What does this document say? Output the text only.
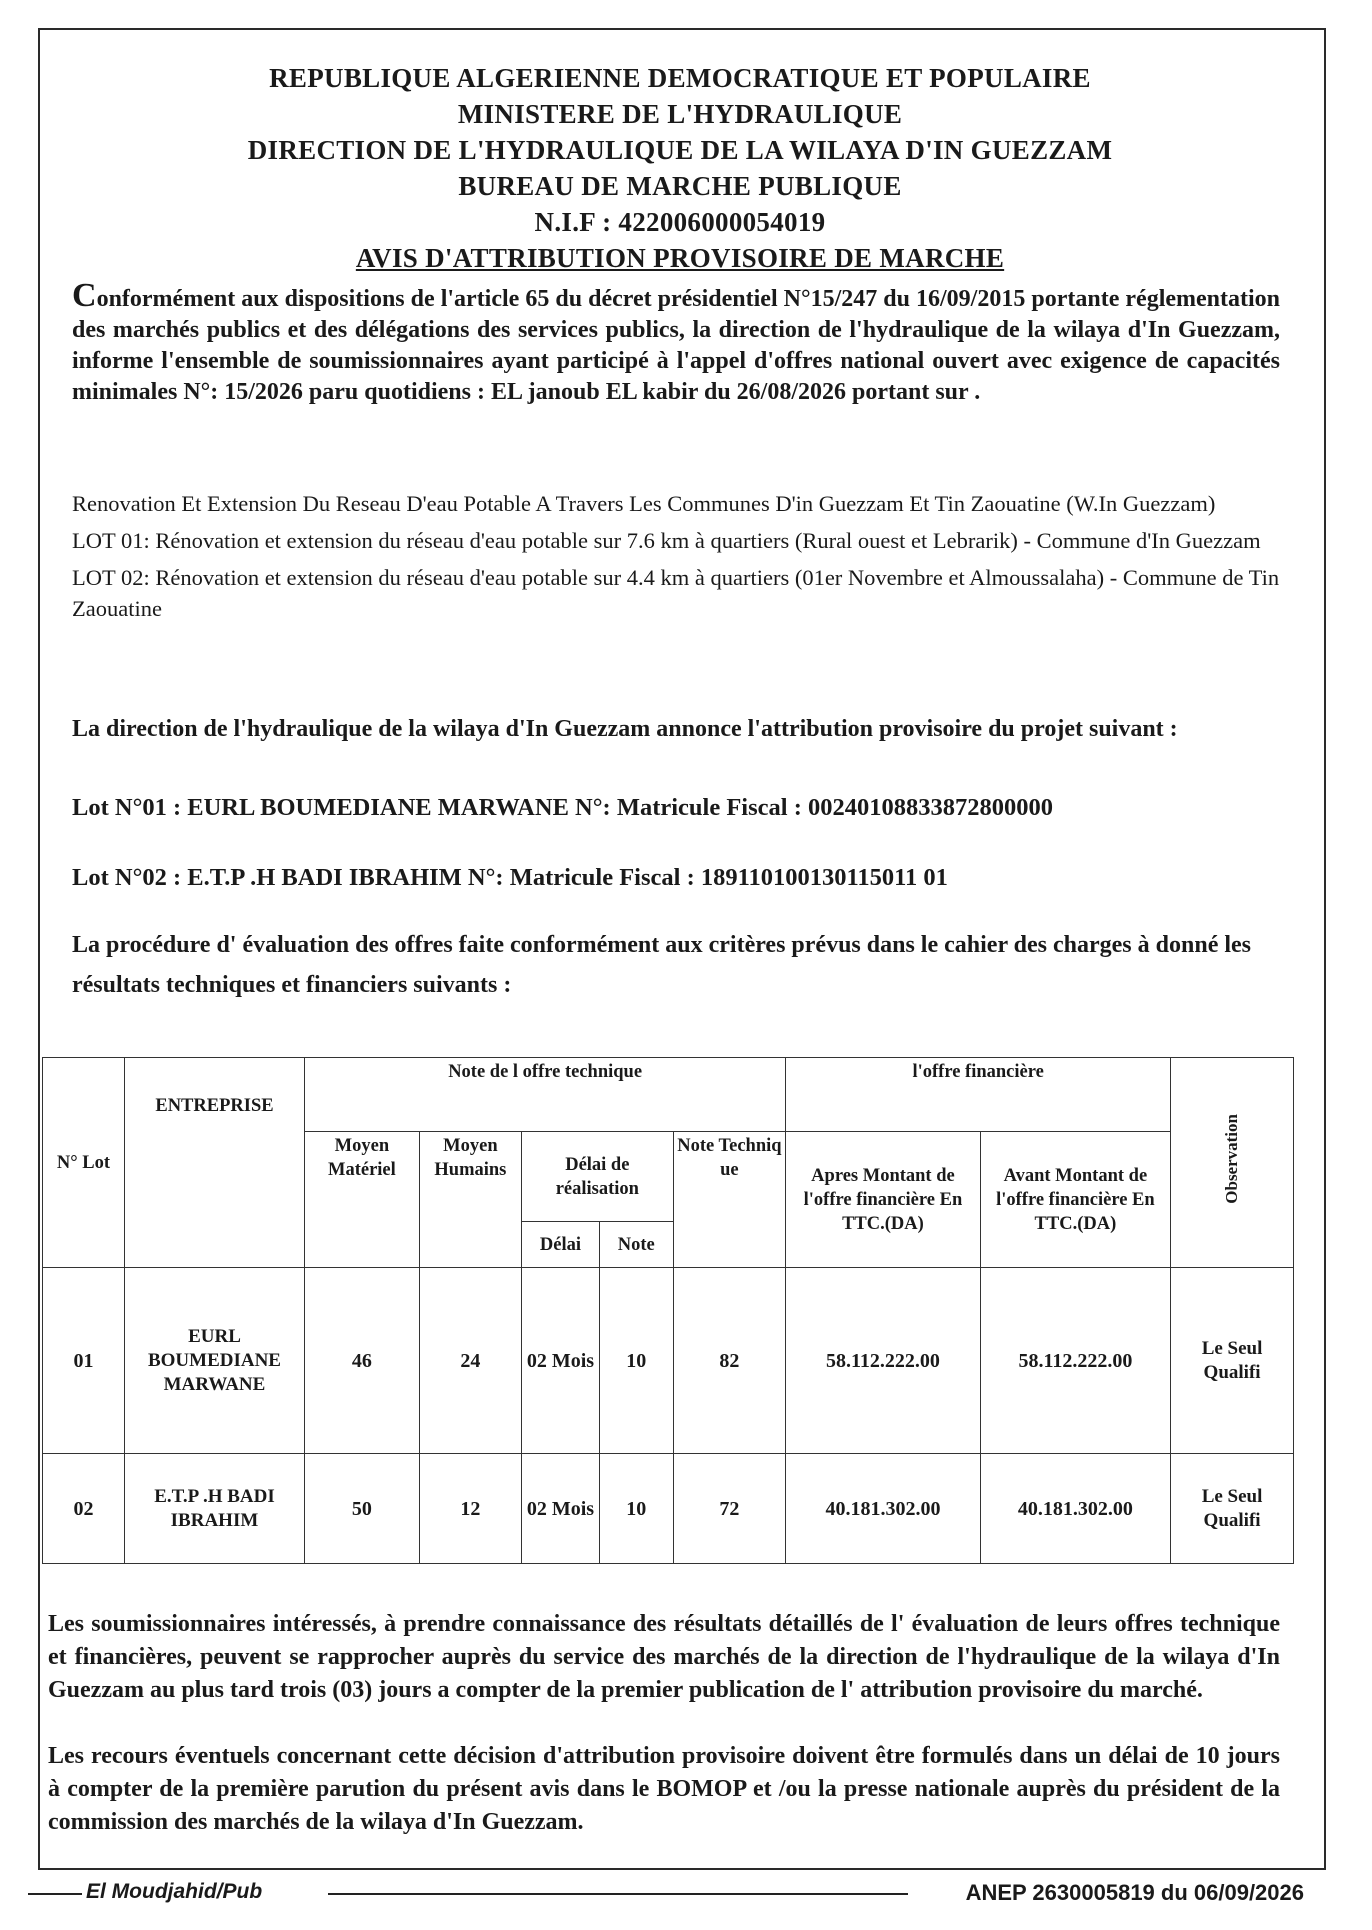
REPUBLIQUE ALGERIENNE DEMOCRATIQUE ET POPULAIRE
MINISTERE DE L'HYDRAULIQUE
DIRECTION DE L'HYDRAULIQUE DE LA WILAYA D'IN GUEZZAM
BUREAU DE MARCHE PUBLIQUE
N.I.F : 422006000054019
AVIS D'ATTRIBUTION PROVISOIRE DE MARCHE
Conformément aux dispositions de l'article 65 du décret présidentiel N°15/247 du 16/09/2015 portante réglementation des marchés publics et des délégations des services publics, la direction de l'hydraulique de la wilaya d'In Guezzam, informe l'ensemble de soumissionnaires ayant participé à l'appel d'offres national ouvert avec exigence de capacités minimales N°: 15/2026 paru quotidiens : EL janoub EL kabir du 26/08/2026 portant sur .

Renovation Et Extension Du Reseau D'eau Potable A Travers Les Communes D'in Guezzam Et Tin Zaouatine (W.In Guezzam)

LOT 01: Rénovation et extension du réseau d'eau potable sur 7.6 km à quartiers (Rural ouest et Lebrarik) - Commune d'In Guezzam

LOT 02: Rénovation et extension du réseau d'eau potable sur 4.4 km à quartiers (01er Novembre et Almoussalaha) - Commune de Tin Zaouatine

La direction de l'hydraulique de la wilaya d'In Guezzam annonce l'attribution provisoire du projet suivant :
Lot N°01 : EURL BOUMEDIANE MARWANE N°: Matricule Fiscal : 00240108833872800000
Lot N°02 : E.T.P .H BADI IBRAHIM N°: Matricule Fiscal : 189110100130115011 01
La procédure d' évaluation des offres faite conformément aux critères prévus dans le cahier des charges à donné les résultats techniques et financiers suivants :
N° Lot	ENTREPRISE	Note de l offre technique					l'offre financière		Observation
		Moyen Matériel	Moyen Humains	Délai de réalisation		Note Techniq ue	Apres Montant de l'offre financière En TTC.(DA)	Avant Montant de l'offre financière En TTC.(DA)	
				Délai	Note				
01	EURL BOUMEDIANE MARWANE	46	24	02 Mois	10	82	58.112.222.00	58.112.222.00	Le Seul Qualifi
02	E.T.P .H BADI IBRAHIM	50	12	02 Mois	10	72	40.181.302.00	40.181.302.00	Le Seul Qualifi
Les soumissionnaires intéressés, à prendre connaissance des résultats détaillés de l' évaluation de leurs offres technique et financières, peuvent se rapprocher auprès du service des marchés de la direction de l'hydraulique de la wilaya d'In Guezzam au plus tard trois (03) jours a compter de la premier publication de l' attribution provisoire du marché.
Les recours éventuels concernant cette décision d'attribution provisoire doivent être formulés dans un délai de 10 jours à compter de la première parution du présent avis dans le BOMOP et /ou la presse nationale auprès du président de la commission des marchés de la wilaya d'In Guezzam.
El Moudjahid/Pub	ANEP 2630005819 du 06/09/2026
